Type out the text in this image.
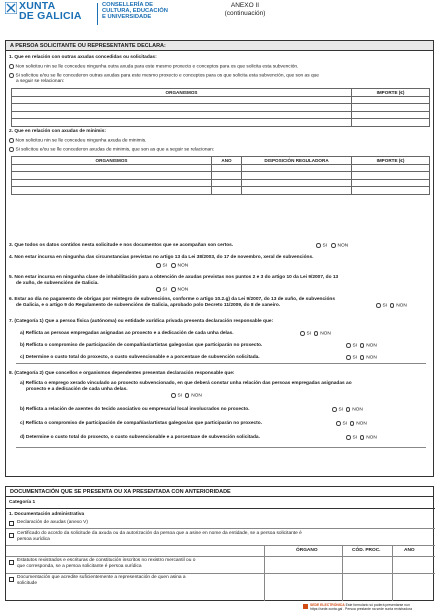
XUNTA
DE GALICIA
CONSELLERÍA DE
CULTURA, EDUCACIÓN
E UNIVERSIDADE
ANEXO II
(continuación)
A PERSOA SOLICITANTE OU REPRESENTANTE DECLARA:
1. Que en relación con outras axudas concedidas ou solicitadas:
Non solicitou nin se lle concedeu ningunha outra axuda para este mesmo proxecto e conceptos para os que solicita esta subvención.
Si solicitou e/ou se lle concederon outras axudas para este mesmo proxecto e conceptos para os que solicita esta subvención, que son as que
a seguir se relacionan:
ORGANISMOS	IMPORTE (€)

2. Que en relación con axudas de minimis:
Non solicitou nin se lle concedeu ningunha axuda de minimis.
Si solicitou e/ou se lle concederon axudas de minimis, que son as que a seguir se relacionan:
ORGANISMOS	ANO	DISPOSICIÓN REGULADORA	IMPORTE (€)

3. Que todos os datos contidos nesta solicitude e nos documentos que se acompañan son certos.	SI NON
4. Non estar incursa en ningunha das circunstancias previstas no artigo 13 da Lei 38/2003, do 17 de novembro, xeral de subvencións.
SI NON
5. Non estar incursa en ningunha clase de inhabilitación para a obtención de axudas previstas nos puntos 2 e 3 do artigo 10 da Lei 9/2007, do 13
de xuño, de subvencións de Galicia.
SI NON
6. Estar ao día no pagamento de obrigas por reintegro de subvencións, conforme o artigo 10.2.g) da Lei 9/2007, do 13 de xuño, de subvencións
de Galicia, e o artigo 9 do Regulamento de subvencións de Galicia, aprobado polo Decreto 11/2009, do 8 de xaneiro.	SI NON
7. (Categoría 1) Que a persoa física (autónoma) ou entidade xurídica privada presenta declaración responsable que:
a) Reflicta as persoas empregadas asignadas ao proxecto e a dedicación de cada unha delas.	SI NON
b) Reflicta o compromiso de participación de compañías/artistas galegos/as que participarán no proxecto.	SI NON
c) Determine o custo total do proxecto, o custo subvencionable e a porcentaxe de subvención solicitada.	SI NON
8. (Categoría 2) Que concellos e organismos dependentes presentan declaración responsable que:
a) Reflicta o emprego xerado vinculado ao proxecto subvencionado, en que deberá constar unha relación das persoas empregadas asignadas ao
proxecto e a dedicación de cada unha delas.
SI NON
b) Reflicta a relación de axentes do tecido asociativo ou empresarial local involucrados no proxecto.	SI NON
c) Reflicta o compromiso de participación de compañías/artistas galegos/as que participarán no proxecto.	SI NON
d) Determine o custo total do proxecto, o custo subvencionable e a porcentaxe de subvención solicitada.	SI NON
DOCUMENTACIÓN QUE SE PRESENTA OU XA PRESENTADA CON ANTERIORIDADE
Categoría 1
1. Documentación administrativa
Declaración de axudas (anexo V)
Certificado do acordo da solicitude da axuda ou da autorización da persoa que a asine en nome da entidade, se a persoa solicitante é
persoa xurídica
ÓRGANO	CÓD. PROC.	ANO
Estatutos rexistrados e escrituras de constitución inscritos no rexistro mercantil ou o
que corresponda, se a persoa solicitante é persoa xurídica
Documentación que acredite suficientemente a representación de quen asina a
solicitude
SEDE ELECTRÓNICA Este formulario só poderá presentarse nun
https://sede.xunta.gal . Persoa prestante na sede xunta rexistradora
